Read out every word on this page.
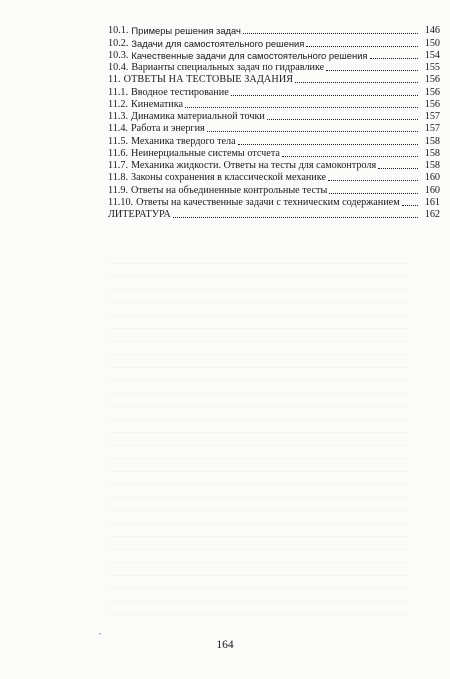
10.1. Примеры решения задач	146
10.2. Задачи для самостоятельного решения	150
10.3. Качественные задачи для самостоятельного решения	154
10.4. Варианты специальных задач по гидравлике	155
11. ОТВЕТЫ НА ТЕСТОВЫЕ ЗАДАНИЯ	156
11.1. Вводное тестирование	156
11.2. Кинематика	156
11.3. Динамика материальной точки	157
11.4. Работа и энергия	157
11.5. Механика твердого тела	158
11.6. Неинерциальные системы отсчета	158
11.7. Механика жидкости. Ответы на тесты для самоконтроля	158
11.8. Законы сохранения в классической механике	160
11.9. Ответы на объединенные контрольные тесты	160
11.10. Ответы на качественные задачи с техническим содержанием	161
ЛИТЕРАТУРА	162
•
164
